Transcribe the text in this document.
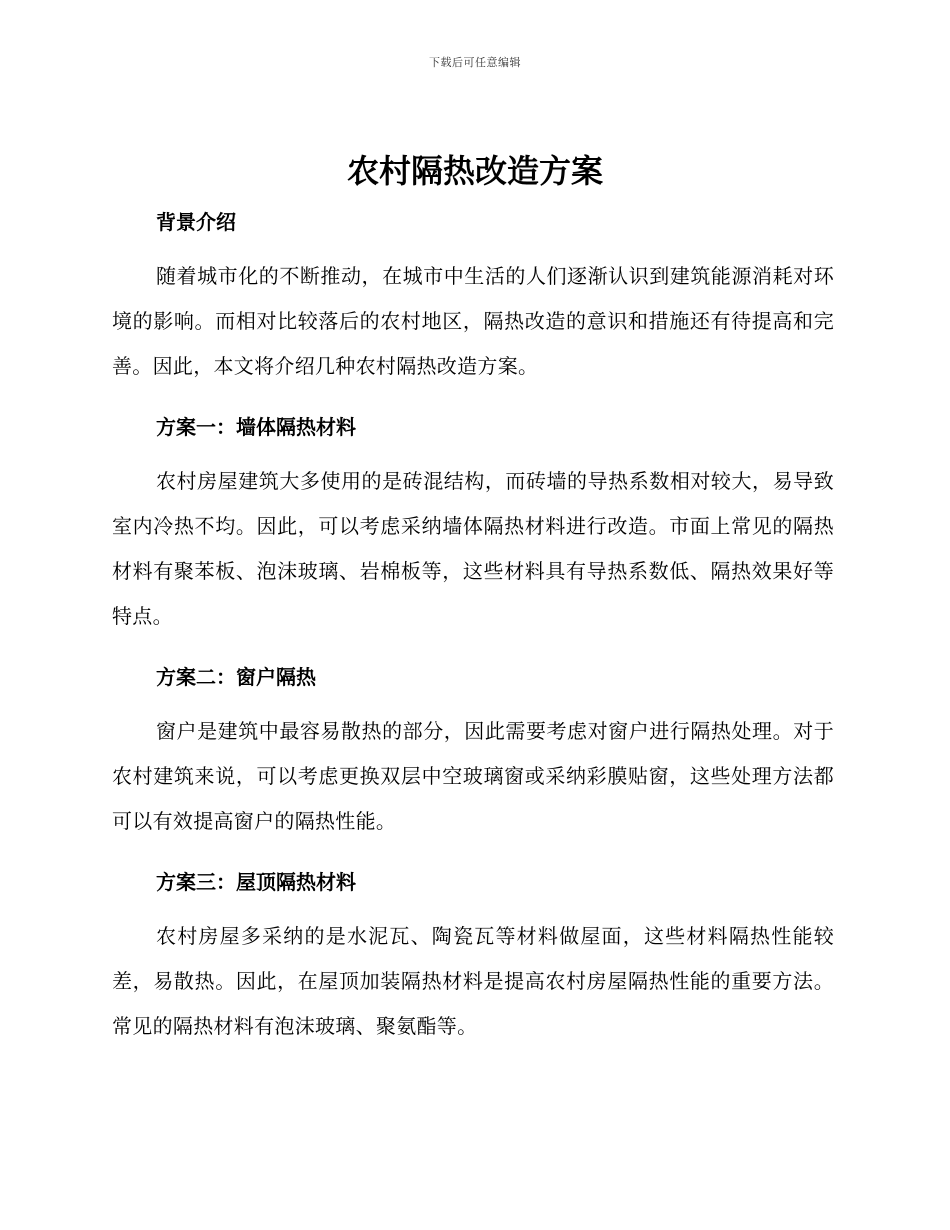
下载后可任意编辑
农村隔热改造方案
背景介绍

随着城市化的不断推动，在城市中生活的人们逐渐认识到建筑能源消耗对环境的影响。而相对比较落后的农村地区，隔热改造的意识和措施还有待提高和完善。因此，本文将介绍几种农村隔热改造方案。

方案一：墙体隔热材料

农村房屋建筑大多使用的是砖混结构，而砖墙的导热系数相对较大，易导致室内冷热不均。因此，可以考虑采纳墙体隔热材料进行改造。市面上常见的隔热材料有聚苯板、泡沫玻璃、岩棉板等，这些材料具有导热系数低、隔热效果好等特点。

方案二：窗户隔热

窗户是建筑中最容易散热的部分，因此需要考虑对窗户进行隔热处理。对于农村建筑来说，可以考虑更换双层中空玻璃窗或采纳彩膜贴窗，这些处理方法都可以有效提高窗户的隔热性能。

方案三：屋顶隔热材料

农村房屋多采纳的是水泥瓦、陶瓷瓦等材料做屋面，这些材料隔热性能较差，易散热。因此，在屋顶加装隔热材料是提高农村房屋隔热性能的重要方法。常见的隔热材料有泡沫玻璃、聚氨酯等。
